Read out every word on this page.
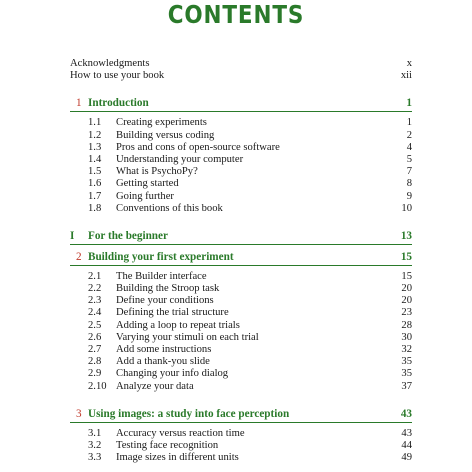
CONTENTS
Acknowledgments	x
How to use your book	xii
1 Introduction	1
1.1 Creating experiments	1
1.2 Building versus coding	2
1.3 Pros and cons of open-source software	4
1.4 Understanding your computer	5
1.5 What is PsychoPy?	7
1.6 Getting started	8
1.7 Going further	9
1.8 Conventions of this book	10
I For the beginner	13
2 Building your first experiment	15
2.1 The Builder interface	15
2.2 Building the Stroop task	20
2.3 Define your conditions	20
2.4 Defining the trial structure	23
2.5 Adding a loop to repeat trials	28
2.6 Varying your stimuli on each trial	30
2.7 Add some instructions	32
2.8 Add a thank-you slide	35
2.9 Changing your info dialog	35
2.10 Analyze your data	37
3 Using images: a study into face perception	43
3.1 Accuracy versus reaction time	43
3.2 Testing face recognition	44
3.3 Image sizes in different units	49
